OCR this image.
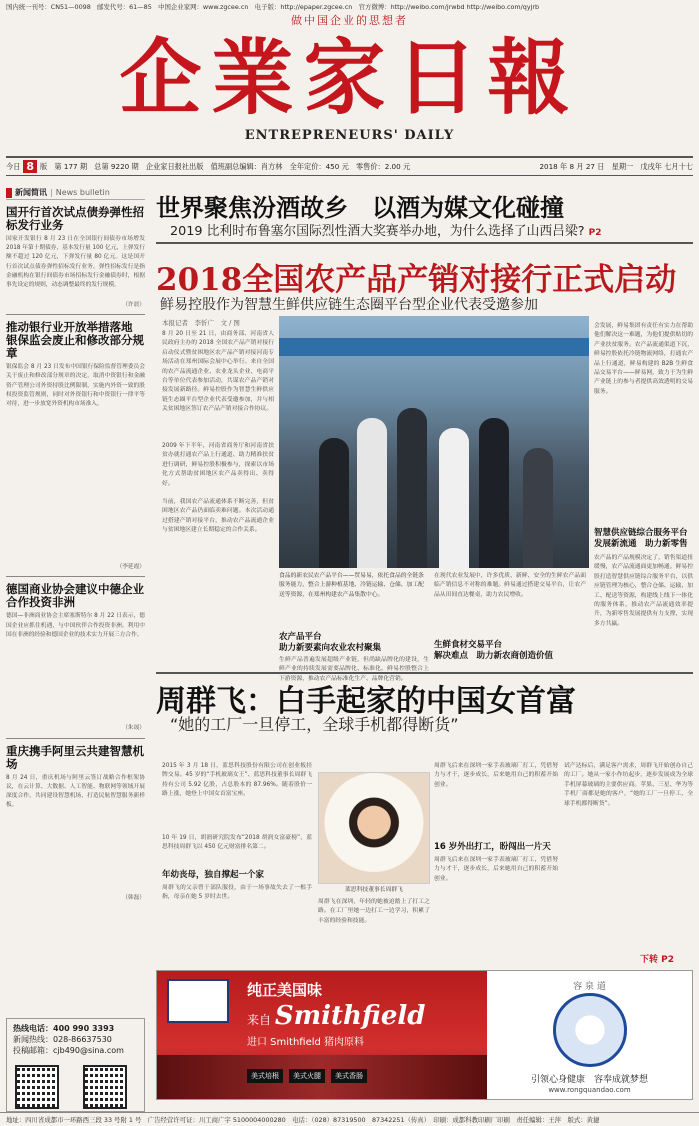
国内统一刊号：CN51—0098　邮发代号：61—85　中国企业家网：www.zgcee.cn　电子版：http://epaper.zgcee.cn　官方微博：http://weibo.com/jrwbd http://weibo.com/qyjrb
做中国企业的思想者
企業家日報
ENTREPRENEURS' DAILY
今日 8 版　第 177 期　总第 9220 期　企业家日报社出版　值班副总编辑：肖方林　全年定价：450 元　零售价：2.00 元	2018 年 8 月 27 日　星期一　戊戌年 七月十七
新闻简讯 | News bulletin
国开行首次试点债券弹性招标发行业务
国家开发银行 8 月 23 日在全国银行间债券市场增发 2018 年第十期债券，基本发行量 100 亿元，上弹发行额不超过 120 亿元，下弹发行量 80 亿元。这是国开行首次试点债券弹性招标发行业务，弹性招标发行是指金融机构在银行间债券市场招标发行金融债券时，根据事先设定的规则，动态调整最终的发行规模。
（许晨）
推动银行业开放举措落地　银保监会废止和修改部分规章
银保监会 8 月 23 日发布中国银行保险监督管理委员会关于废止和修改部分规章的决定，取消中资银行和金融资产管理公司外资持股比例限制，实施内外资一致的股权投资监管规则，同时对外资银行和中资银行一律平等对待，进一步放宽外资机构市场准入。
（李延霞）
德国商业协会建议中德企业合作投资非洲
德国—非洲商业协会主席塞斯特尔 8 月 22 日表示，德国企业应抓住机遇，与中国伙伴合作投资非洲。利用中国在非洲的经验和德国企业的技术实力开展三方合作。
（朱晟）
重庆携手阿里云共建智慧机场
8 月 24 日，重庆机场与阿里云签订战略合作框架协议，在云计算、大数据、人工智能、物联网等领域开展深度合作，共同建设智慧机场，打造民航智慧服务新样板。
（韩磊）
热线电话：400 990 3393
新闻热线：028-86637530
投稿邮箱：cjb490@sina.com
世界聚焦汾酒故乡　以酒为媒文化碰撞
2019 比利时布鲁塞尔国际烈性酒大奖赛举办地，为什么选择了山西吕梁? P2
2018全国农产品产销对接行正式启动
鲜易控股作为智慧生鲜供应链生态圈平台型企业代表受邀参加
本报记者　李忻广　文 / 图
8 月 20 日至 21 日，由商务部、河南省人民政府主办的 2018 全国农产品产销对接行启动仪式暨贫困地区农产品产销对接河南专场活动在郑州国际会展中心举行。来自全国的农产品流通企业、农业龙头企业、电商平台等单位代表参加活动，共谋农产品产销对接发展新路径。鲜易控股作为智慧生鲜供应链生态圈平台型企业代表受邀参加，并与相关贫困地区签订农产品产销对接合作协议。
2009 年下半年，河南省商务厅和河南省扶贫办就打通农产品上行通道、助力精准扶贫进行调研，鲜易控股积极参与，探索以市场化方式帮助贫困地区农产品卖得出、卖得好。
当前，我国农产品流通体系不断完善，但贫困地区农产品仍面临卖难问题。本次活动通过搭建产销对接平台，推动农产品流通企业与贫困地区建立长期稳定的合作关系。
食品的新农民农产品平台——贸易易，依托食品的全链条服务能力，整合上游种植基地、冷链运输、仓储、加工配送等资源，在郑州构建农产品集散中心。
农产品平台
助力新要素向农业农村聚集
生鲜产品普遍发展超级产业链，但尚缺品牌化的建设，生鲜产业的持续发展需要品牌化、标准化。鲜易控股整合上下游资源，推动农产品标准化生产、品牌化营销。
在现代农业发展中，许多优质、新鲜、安全的生鲜农产品面临产销信息不对称的难题。鲜易通过搭建交易平台，让农产品从田间直达餐桌，助力农民增收。
生鲜食材交易平台
解决难点　助力新农商创造价值
会发展，鲜易集团有责任有实力在帮助他们解决这一难题，为他们提供贴切的产业扶贫服务。农产品流通渠道下沉，鲜易控股依托冷链物流网络，打通农产品上行通道，鲜易构建的 B2B 生鲜食品交易平台——鲜易网，致力于为生鲜产业链上的参与者提供高效透明的交易服务。
智慧供应链综合服务平台
发展新流通　助力新零售
农产品的产品规模决定了，销售渠道扭缓慢，农产品流通面更加畅通。鲜易控股打造智慧供应链综合服务平台，以供应链管理为核心，整合仓储、运输、加工、配送等资源，构建线上线下一体化的服务体系，推动农产品流通效率提升，为新零售发展提供有力支撑，实现多方共赢。
周群飞：白手起家的中国女首富
“她的工厂一旦停工，全球手机都得断货”
2015 年 3 月 18 日，蓝思科技股份有限公司在创业板挂牌交易。45 岁的“手机玻璃女王”、蓝思科技董事长周群飞持有公司 5.92 亿股，占总股本的 87.96%。随着股价一路上涨，她登上中国女首富宝座。
10 年 19 日，胡润研究院发布“2018 胡润女富豪榜”，蓝思科技周群飞以 450 亿元财富排名第二。
年幼丧母，独自撑起一个家
周群飞的父亲曾于部队服役，由于一场事故失去了一根手指，母亲在她 5 岁时去世。
蓝思科技董事长周群飞
周群飞在深圳，年轻的她被迫踏上了打工之路。在工厂里她一边打工一边学习，积累了丰富的经验和技能。
周群飞后来在深圳一家手表玻璃厂打工，凭借努力与才干，逐步成长，后来她用自己的积蓄开始创业。
16 岁外出打工，盼闯出一片天
周群飞后来在深圳一家手表玻璃厂打工，凭借努力与才干，逐步成长，后来她用自己的积蓄开始创业。
试产达标后，满足客户需求，周群飞开始创办自己的工厂。她从一家小作坊起步，逐步发展成为全球手机屏幕玻璃的主要供应商。苹果、三星、华为等手机厂商都是她的客户，“她的工厂一旦停工，全球手机都得断货”。
下转 P2
纯正美国味
来自 Smithfield
进口 Smithfield 猪肉原料
美式培根	美式火腿	美式香肠
容 泉 道
引领心身健康　容奉成就梦想
www.rongquandao.com
地址：四川省成都市一环路西三段 33 号附 1 号　广告经营许可证：川工商广字 5100004000280　电话：（028）87319500　87342251（传真）　印刷：成都科教印刷厂印刷　责任编辑：王萍　版式：黄捷
